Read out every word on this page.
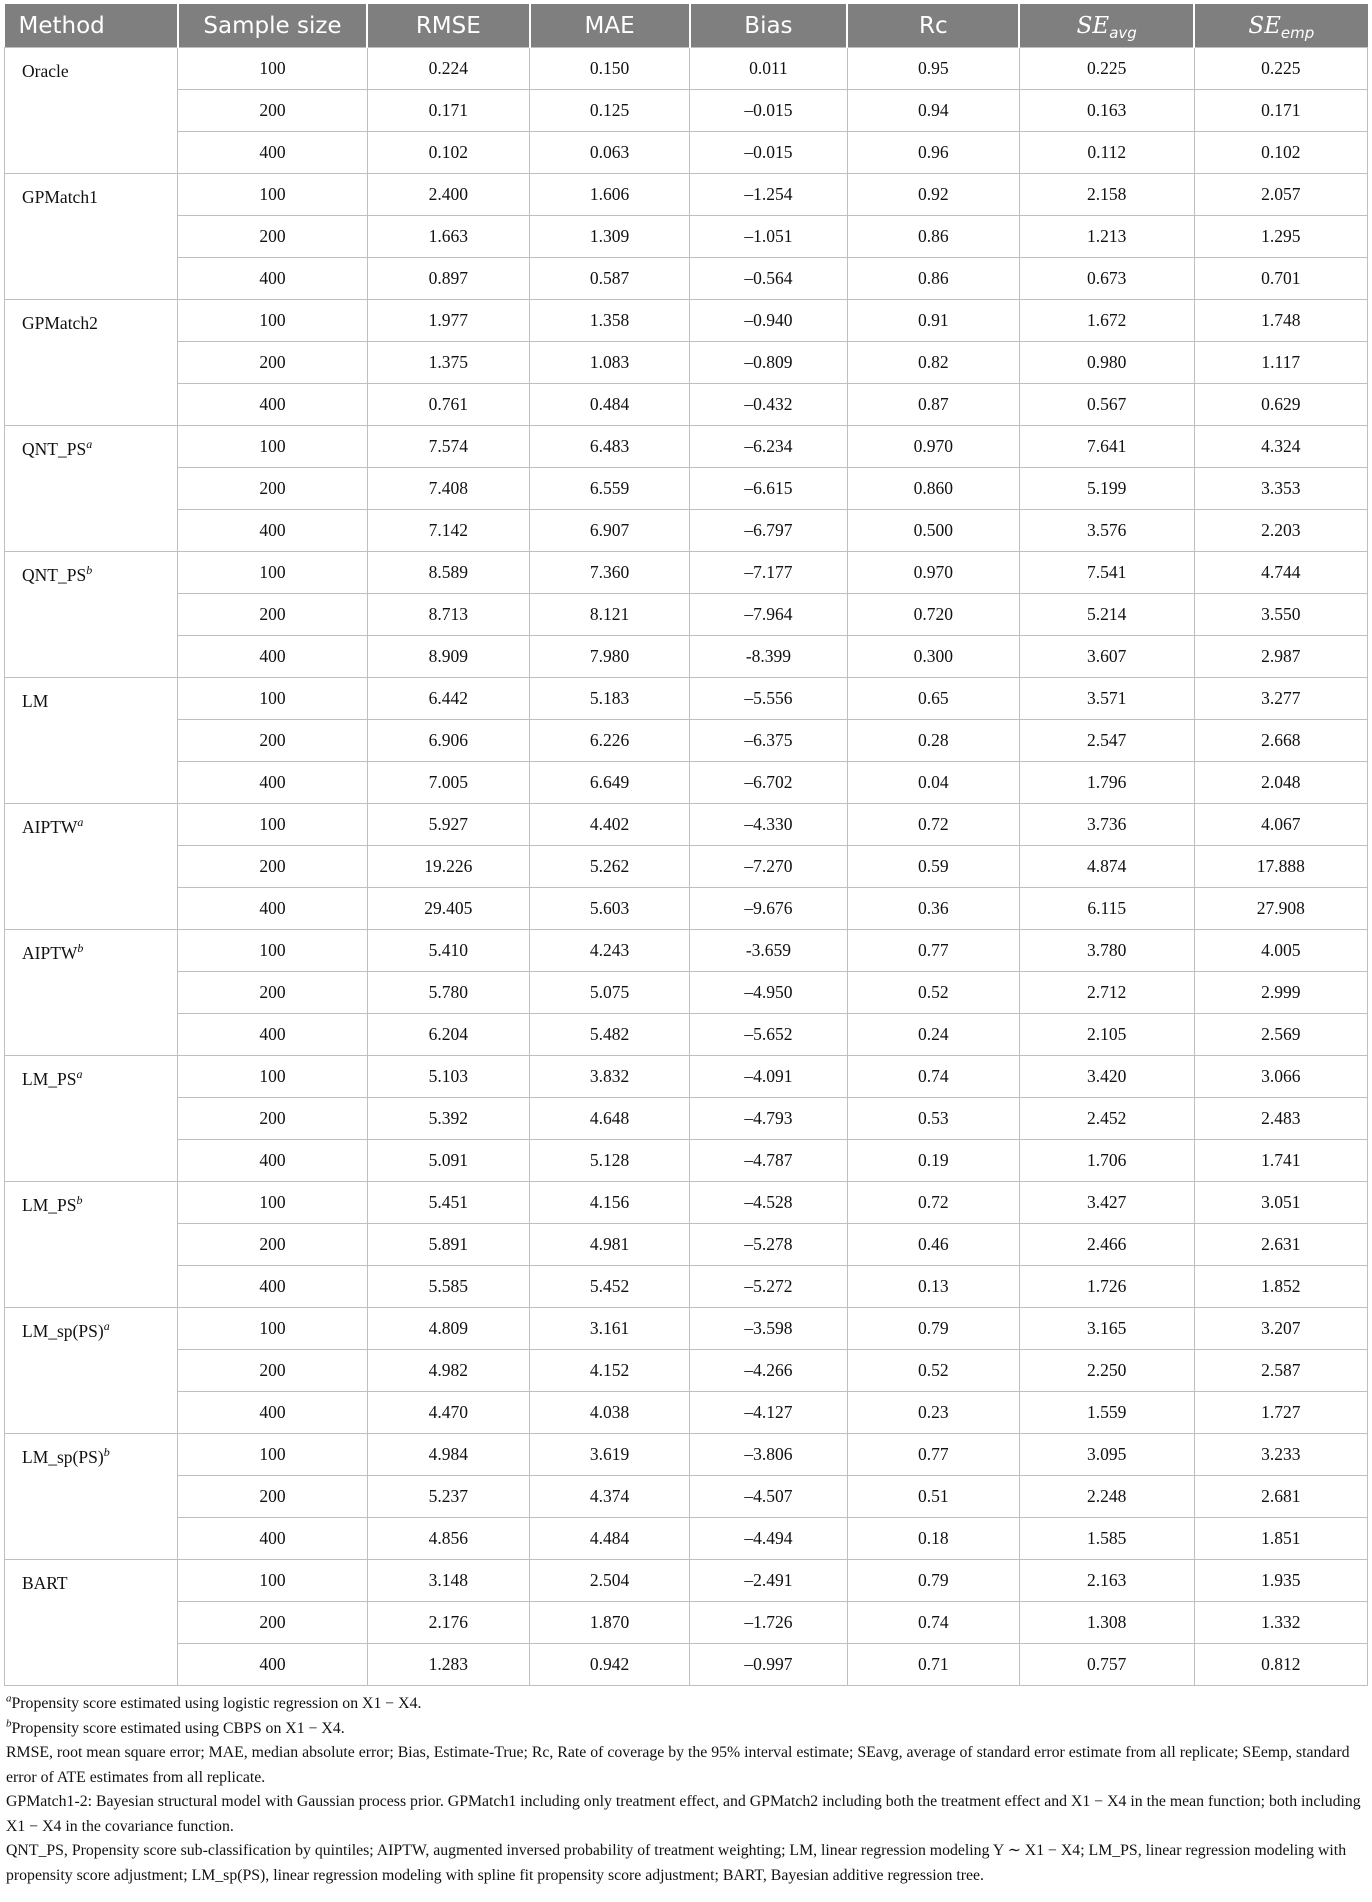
Method	Sample size	RMSE	MAE	Bias	Rc	$SE_{avg}$	$SE_{emp}$
Oracle	100	0.224	0.150	0.011	0.95	0.225	0.225
	200	0.171	0.125	–0.015	0.94	0.163	0.171
	400	0.102	0.063	–0.015	0.96	0.112	0.102
GPMatch1	100	2.400	1.606	–1.254	0.92	2.158	2.057
	200	1.663	1.309	–1.051	0.86	1.213	1.295
	400	0.897	0.587	–0.564	0.86	0.673	0.701
GPMatch2	100	1.977	1.358	–0.940	0.91	1.672	1.748
	200	1.375	1.083	–0.809	0.82	0.980	1.117
	400	0.761	0.484	–0.432	0.87	0.567	0.629
$QNT\_PS^a$	100	7.574	6.483	–6.234	0.970	7.641	4.324
	200	7.408	6.559	–6.615	0.860	5.199	3.353
	400	7.142	6.907	–6.797	0.500	3.576	2.203
$QNT\_PS^b$	100	8.589	7.360	–7.177	0.970	7.541	4.744
	200	8.713	8.121	–7.964	0.720	5.214	3.550
	400	8.909	7.980	-8.399	0.300	3.607	2.987
LM	100	6.442	5.183	–5.556	0.65	3.571	3.277
	200	6.906	6.226	–6.375	0.28	2.547	2.668
	400	7.005	6.649	–6.702	0.04	1.796	2.048
AIPTW$^a$	100	5.927	4.402	–4.330	0.72	3.736	4.067
	200	19.226	5.262	–7.270	0.59	4.874	17.888
	400	29.405	5.603	–9.676	0.36	6.115	27.908
AIPTW$^b$	100	5.410	4.243	-3.659	0.77	3.780	4.005
	200	5.780	5.075	–4.950	0.52	2.712	2.999
	400	6.204	5.482	–5.652	0.24	2.105	2.569
$LM\_PS^a$	100	5.103	3.832	–4.091	0.74	3.420	3.066
	200	5.392	4.648	–4.793	0.53	2.452	2.483
	400	5.091	5.128	–4.787	0.19	1.706	1.741
$LM\_PS^b$	100	5.451	4.156	–4.528	0.72	3.427	3.051
	200	5.891	4.981	–5.278	0.46	2.466	2.631
	400	5.585	5.452	–5.272	0.13	1.726	1.852
LM_sp(PS)$^a$	100	4.809	3.161	–3.598	0.79	3.165	3.207
	200	4.982	4.152	–4.266	0.52	2.250	2.587
	400	4.470	4.038	–4.127	0.23	1.559	1.727
LM_sp(PS)$^b$	100	4.984	3.619	–3.806	0.77	3.095	3.233
	200	5.237	4.374	–4.507	0.51	2.248	2.681
	400	4.856	4.484	–4.494	0.18	1.585	1.851
BART	100	3.148	2.504	–2.491	0.79	2.163	1.935
	200	2.176	1.870	–1.726	0.74	1.308	1.332
	400	1.283	0.942	–0.997	0.71	0.757	0.812

$^a$Propensity score estimated using logistic regression on X1 − X4.

$^b$Propensity score estimated using CBPS on X1 − X4.

RMSE, root mean square error; MAE, median absolute error; Bias, Estimate-True; Rc, Rate of coverage by the 95% interval estimate; SEavg, average of standard error estimate from all replicate; SEemp, standard error of ATE estimates from all replicate.

GPMatch1-2: Bayesian structural model with Gaussian process prior. GPMatch1 including only treatment effect, and GPMatch2 including both the treatment effect and X1 − X4 in the mean function; both including X1 − X4 in the covariance function.

QNT_PS, Propensity score sub-classification by quintiles; AIPTW, augmented inversed probability of treatment weighting; LM, linear regression modeling Y ∼ X1 − X4; LM_PS, linear regression modeling with propensity score adjustment; LM_sp(PS), linear regression modeling with spline fit propensity score adjustment; BART, Bayesian additive regression tree.
